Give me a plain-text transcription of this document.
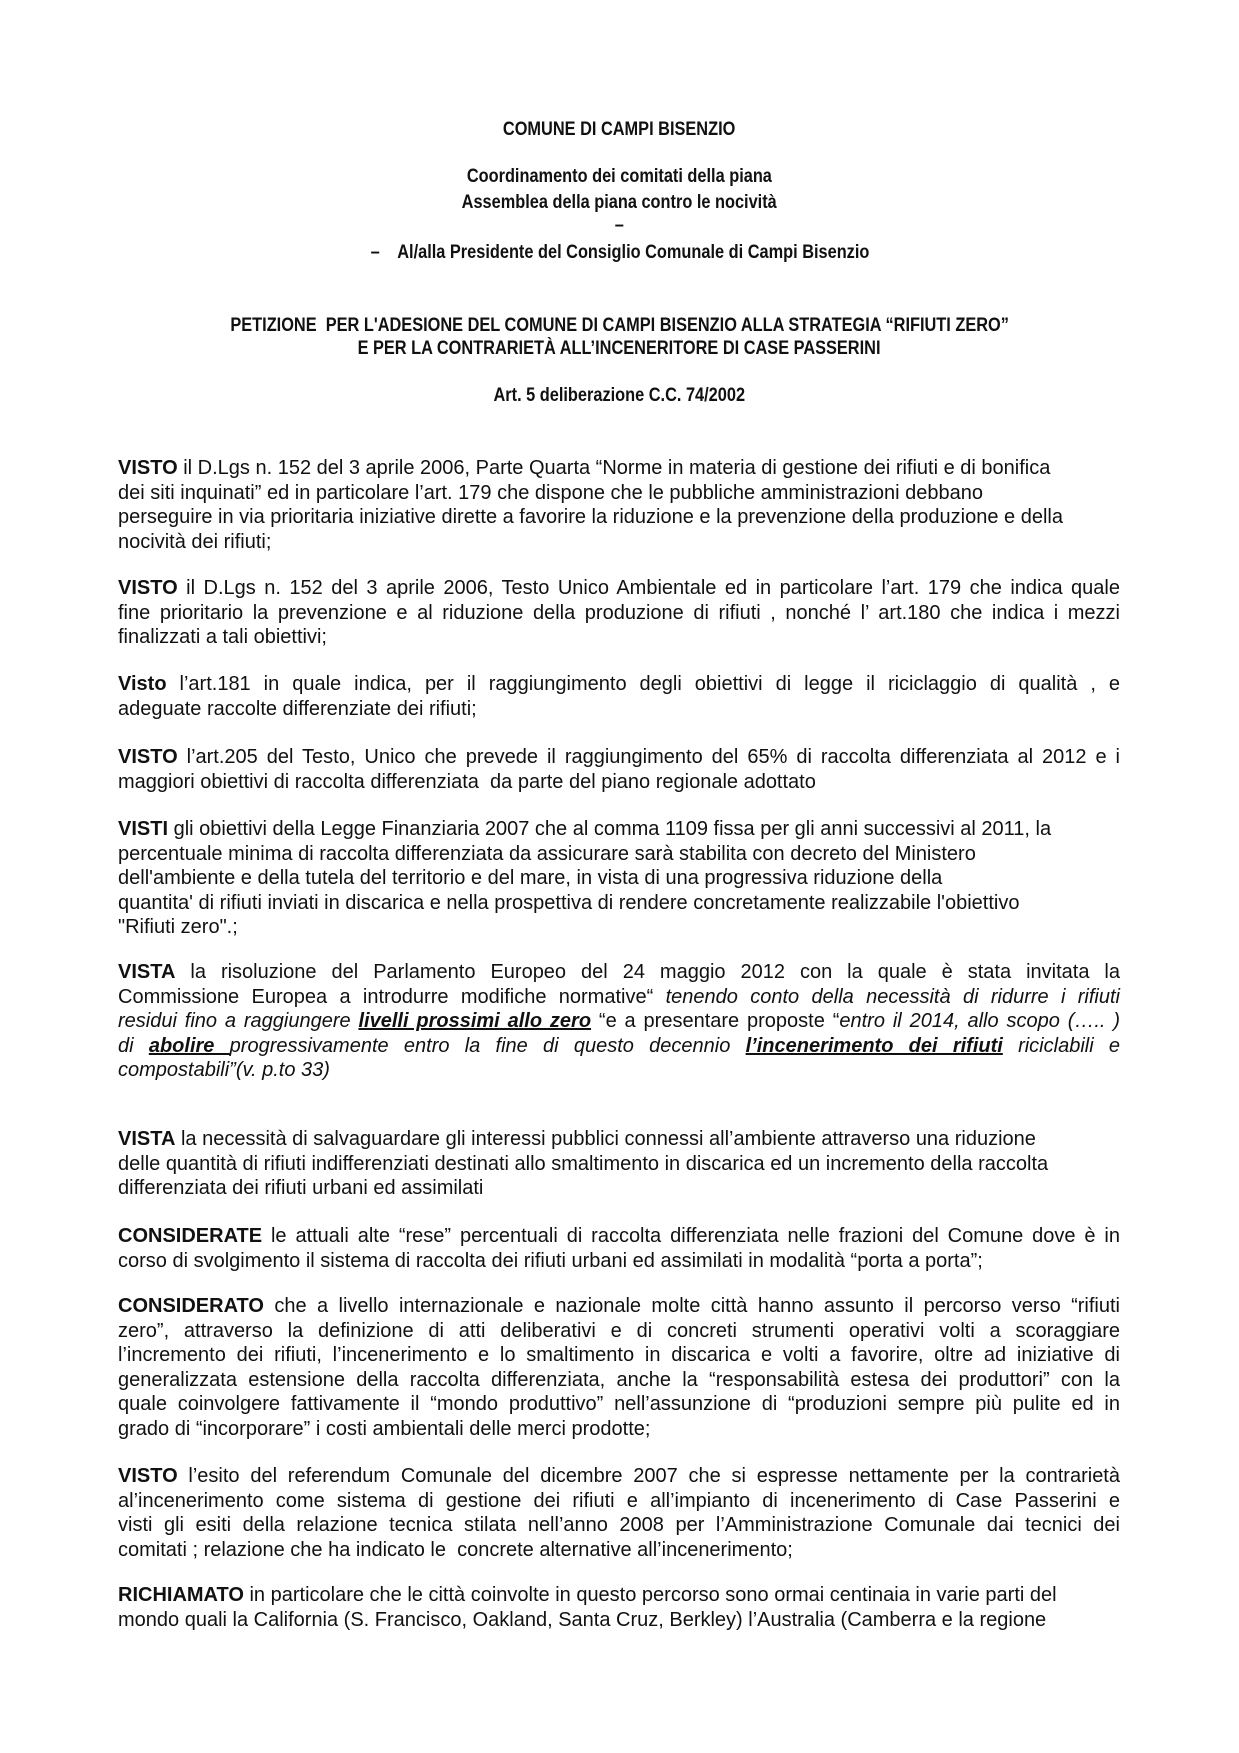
COMUNE DI CAMPI BISENZIO
Coordinamento dei comitati della piana
Assemblea della piana contro le nocività
–
–    Al/alla Presidente del Consiglio Comunale di Campi Bisenzio
PETIZIONE  PER L'ADESIONE DEL COMUNE DI CAMPI BISENZIO ALLA STRATEGIA “RIFIUTI ZERO”
E PER LA CONTRARIETÀ ALL’INCENERITORE DI CASE PASSERINI
Art. 5 deliberazione C.C. 74/2002
VISTO il D.Lgs n. 152 del 3 aprile 2006, Parte Quarta “Norme in materia di gestione dei rifiuti e di bonifica
dei siti inquinati” ed in particolare l’art. 179 che dispone che le pubbliche amministrazioni debbano
perseguire in via prioritaria iniziative dirette a favorire la riduzione e la prevenzione della produzione e della
nocività dei rifiuti;
VISTO il D.Lgs n. 152 del 3 aprile 2006, Testo Unico Ambientale ed in particolare l’art. 179 che indica quale
fine prioritario la prevenzione e al riduzione della produzione di rifiuti , nonché l’ art.180 che indica i mezzi
finalizzati a tali obiettivi;
Visto l’art.181 in quale indica, per il raggiungimento degli obiettivi di legge il riciclaggio di qualità , e
adeguate raccolte differenziate dei rifiuti;
VISTO l’art.205 del Testo, Unico che prevede il raggiungimento del 65% di raccolta differenziata al 2012 e i
maggiori obiettivi di raccolta differenziata  da parte del piano regionale adottato
VISTI gli obiettivi della Legge Finanziaria 2007 che al comma 1109 fissa per gli anni successivi al 2011, la
percentuale minima di raccolta differenziata da assicurare sarà stabilita con decreto del Ministero
dell'ambiente e della tutela del territorio e del mare, in vista di una progressiva riduzione della
quantita' di rifiuti inviati in discarica e nella prospettiva di rendere concretamente realizzabile l'obiettivo
"Rifiuti zero".;
VISTA la risoluzione del Parlamento Europeo del 24 maggio 2012 con la quale è stata invitata la
Commissione Europea a introdurre modifiche normative“ tenendo conto della necessità di ridurre i rifiuti
residui fino a raggiungere livelli prossimi allo zero “e a presentare proposte “entro il 2014, allo scopo (….. )
di abolire progressivamente entro la fine di questo decennio l’incenerimento dei rifiuti riciclabili e
compostabili”(v. p.to 33)
VISTA la necessità di salvaguardare gli interessi pubblici connessi all’ambiente attraverso una riduzione
delle quantità di rifiuti indifferenziati destinati allo smaltimento in discarica ed un incremento della raccolta
differenziata dei rifiuti urbani ed assimilati
CONSIDERATE le attuali alte “rese” percentuali di raccolta differenziata nelle frazioni del Comune dove è in
corso di svolgimento il sistema di raccolta dei rifiuti urbani ed assimilati in modalità “porta a porta”;
CONSIDERATO che a livello internazionale e nazionale molte città hanno assunto il percorso verso “rifiuti
zero”, attraverso la definizione di atti deliberativi e di concreti strumenti operativi volti a scoraggiare
l’incremento dei rifiuti, l’incenerimento e lo smaltimento in discarica e volti a favorire, oltre ad iniziative di
generalizzata estensione della raccolta differenziata, anche la “responsabilità estesa dei produttori” con la
quale coinvolgere fattivamente il “mondo produttivo” nell’assunzione di “produzioni sempre più pulite ed in
grado di “incorporare” i costi ambientali delle merci prodotte;
VISTO l’esito del referendum Comunale del dicembre 2007 che si espresse nettamente per la contrarietà
al’incenerimento come sistema di gestione dei rifiuti e all’impianto di incenerimento di Case Passerini e
visti gli esiti della relazione tecnica stilata nell’anno 2008 per l’Amministrazione Comunale dai tecnici dei
comitati ; relazione che ha indicato le  concrete alternative all’incenerimento;
RICHIAMATO in particolare che le città coinvolte in questo percorso sono ormai centinaia in varie parti del
mondo quali la California (S. Francisco, Oakland, Santa Cruz, Berkley) l’Australia (Camberra e la regione
